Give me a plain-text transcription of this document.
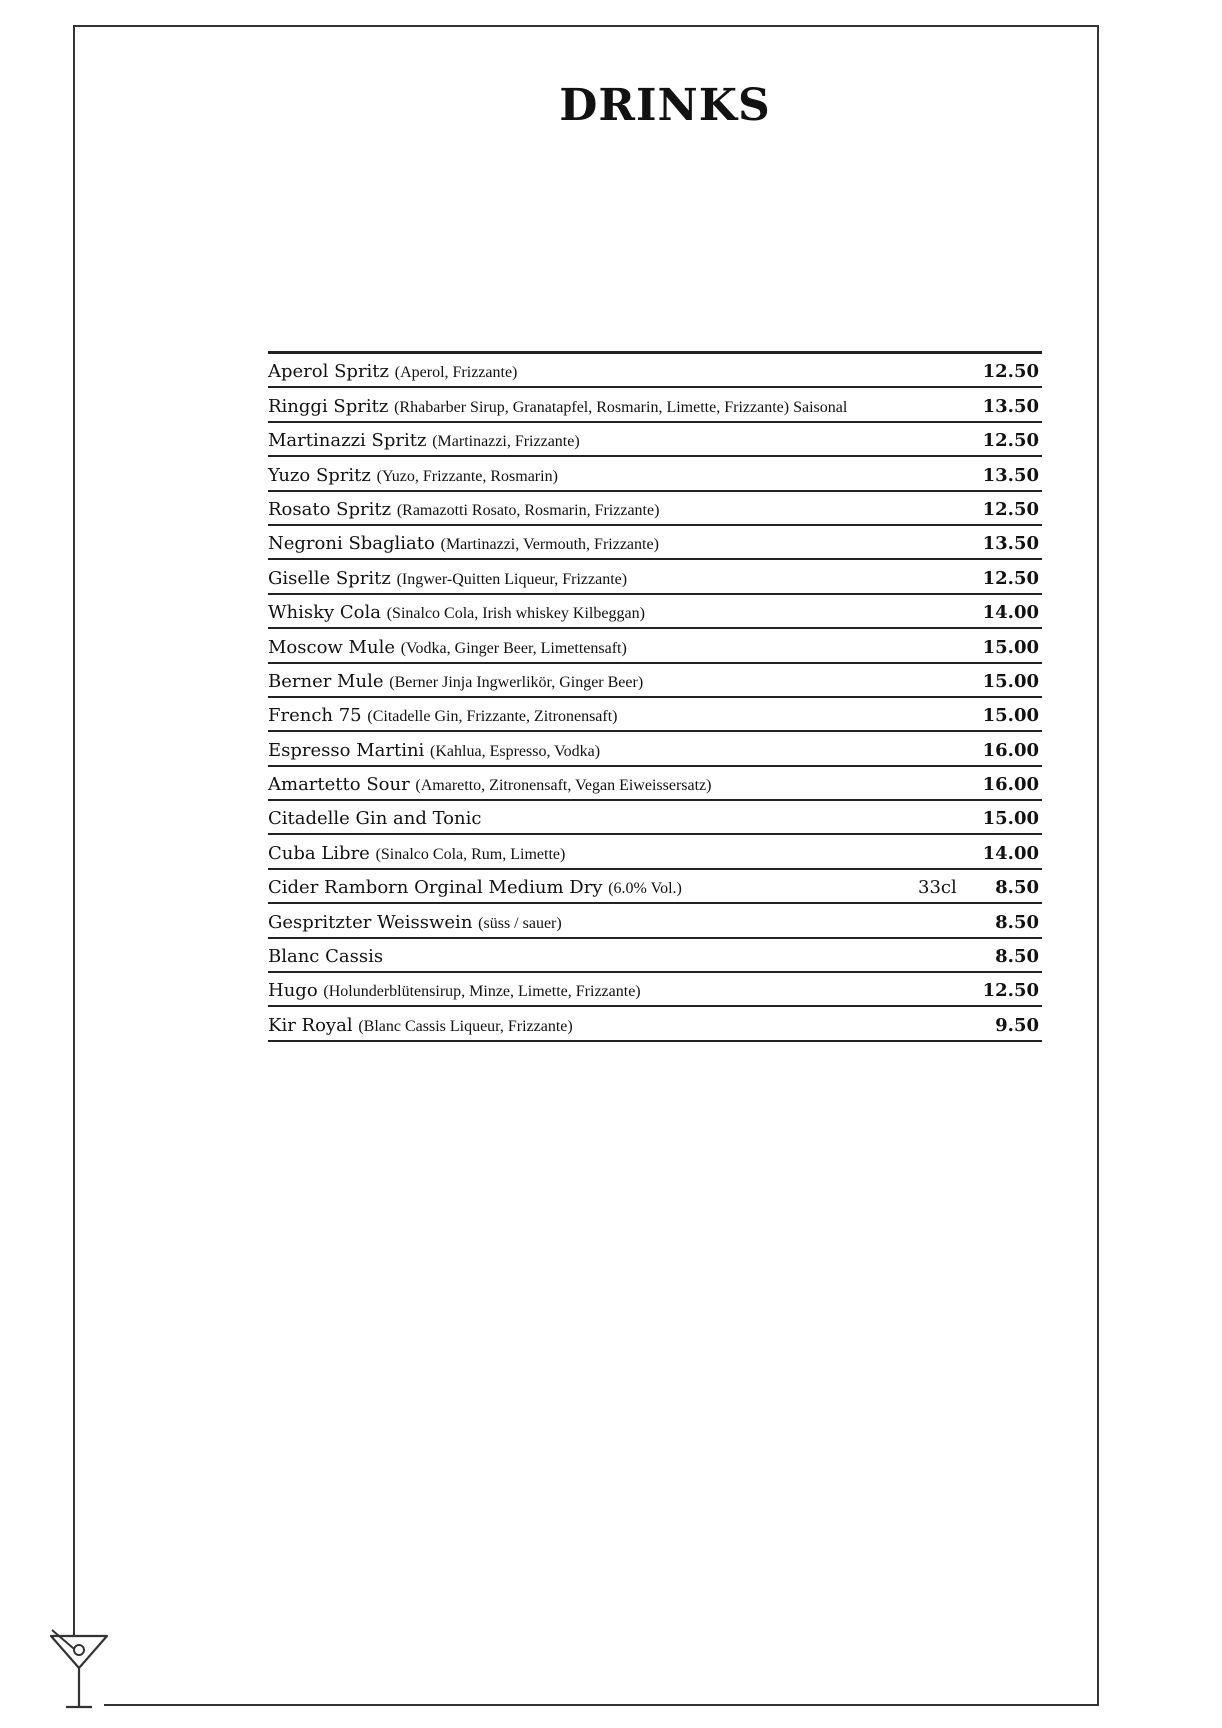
DRINKS
Aperol Spritz (Aperol, Frizzante)	12.50
Ringgi Spritz (Rhabarber Sirup, Granatapfel, Rosmarin, Limette, Frizzante) Saisonal	13.50
Martinazzi Spritz (Martinazzi, Frizzante)	12.50
Yuzo Spritz (Yuzo, Frizzante, Rosmarin)	13.50
Rosato Spritz (Ramazotti Rosato, Rosmarin, Frizzante)	12.50
Negroni Sbagliato (Martinazzi, Vermouth, Frizzante)	13.50
Giselle Spritz (Ingwer-Quitten Liqueur, Frizzante)	12.50
Whisky Cola (Sinalco Cola, Irish whiskey Kilbeggan)	14.00
Moscow Mule (Vodka, Ginger Beer, Limettensaft)	15.00
Berner Mule (Berner Jinja Ingwerlikör, Ginger Beer)	15.00
French 75 (Citadelle Gin, Frizzante, Zitronensaft)	15.00
Espresso Martini (Kahlua, Espresso, Vodka)	16.00
Amartetto Sour (Amaretto, Zitronensaft, Vegan Eiweissersatz)	16.00
Citadelle Gin and Tonic	15.00
Cuba Libre (Sinalco Cola, Rum, Limette)	14.00
Cider Ramborn Orginal Medium Dry (6.0% Vol.)	33cl 8.50
Gespritzter Weisswein (süss / sauer)	8.50
Blanc Cassis	8.50
Hugo (Holunderblütensirup, Minze, Limette, Frizzante)	12.50
Kir Royal (Blanc Cassis Liqueur, Frizzante)	9.50
